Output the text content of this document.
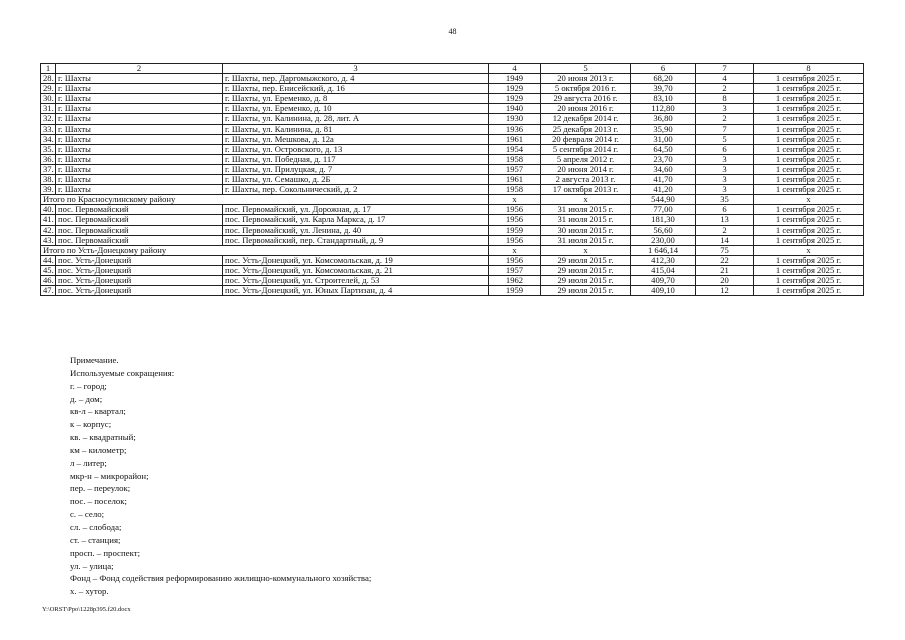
48
1	2	3	4	5	6	7	8
28.	г. Шахты	г. Шахты, пер. Даргомыжского, д. 4	1949	20 июня 2013 г.	68,20	4	1 сентября 2025 г.
29.	г. Шахты	г. Шахты, пер. Енисейский, д. 16	1929	5 октября 2016 г.	39,70	2	1 сентября 2025 г.
30.	г. Шахты	г. Шахты, ул. Еременко, д. 8	1929	29 августа 2016 г.	83,10	8	1 сентября 2025 г.
31.	г. Шахты	г. Шахты, ул. Еременко, д. 10	1940	20 июня 2016 г.	112,80	3	1 сентября 2025 г.
32.	г. Шахты	г. Шахты, ул. Калинина, д. 28, лит. А	1930	12 декабря 2014 г.	36,80	2	1 сентября 2025 г.
33.	г. Шахты	г. Шахты, ул. Калинина, д. 81	1936	25 декабря 2013 г.	35,90	7	1 сентября 2025 г.
34.	г. Шахты	г. Шахты, ул. Мешкова, д. 12а	1961	20 февраля 2014 г.	31,00	5	1 сентября 2025 г.
35.	г. Шахты	г. Шахты, ул. Островского, д. 13	1954	5 сентября 2014 г.	64,50	6	1 сентября 2025 г.
36.	г. Шахты	г. Шахты, ул. Победная, д. 117	1958	5 апреля 2012 г.	23,70	3	1 сентября 2025 г.
37.	г. Шахты	г. Шахты, ул. Прилуцкая, д. 7	1957	20 июня 2014 г.	34,60	3	1 сентября 2025 г.
38.	г. Шахты	г. Шахты, ул. Семашко, д. 2Б	1961	2 августа 2013 г.	41,70	3	1 сентября 2025 г.
39.	г. Шахты	г. Шахты, пер. Сокольнический, д. 2	1958	17 октября 2013 г.	41,20	3	1 сентября 2025 г.
Итого по Красносулинскому району			х	х	544,90	35	х
40.	пос. Первомайский	пос. Первомайский, ул. Дорожная, д. 17	1956	31 июля 2015 г.	77,00	6	1 сентября 2025 г.
41.	пос. Первомайский	пос. Первомайский, ул. Карла Маркса, д. 17	1956	31 июля 2015 г.	181,30	13	1 сентября 2025 г.
42.	пос. Первомайский	пос. Первомайский, ул. Ленина, д. 40	1959	30 июля 2015 г.	56,60	2	1 сентября 2025 г.
43.	пос. Первомайский	пос. Первомайский, пер. Стандартный, д. 9	1956	31 июля 2015 г.	230,00	14	1 сентября 2025 г.
Итого по Усть-Донецкому району			х	х	1 646,14	75	х
44.	пос. Усть-Донецкий	пос. Усть-Донецкий, ул. Комсомольская, д. 19	1956	29 июля 2015 г.	412,30	22	1 сентября 2025 г.
45.	пос. Усть-Донецкий	пос. Усть-Донецкий, ул. Комсомольская, д. 21	1957	29 июля 2015 г.	415,04	21	1 сентября 2025 г.
46.	пос. Усть-Донецкий	пос. Усть-Донецкий, ул. Строителей, д. 53	1962	29 июля 2015 г.	409,70	20	1 сентября 2025 г.
47.	пос. Усть-Донецкий	пос. Усть-Донецкий, ул. Юных Партизан, д. 4	1959	29 июля 2015 г.	409,10	12	1 сентября 2025 г.
Примечание.
Используемые сокращения:
г. – город;
д. – дом;
кв-л – квартал;
к – корпус;
кв. – квадратный;
км – километр;
л – литер;
мкр-н – микрорайон;
пер. – переулок;
пос. – поселок;
с. – село;
сл. – слобода;
ст. – станция;
просп. – проспект;
ул. – улица;
Фонд – Фонд содействия реформированию жилищно-коммунального хозяйства;
х. – хутор.
Y:\ORST\Ppo\1228p395.f20.docx
